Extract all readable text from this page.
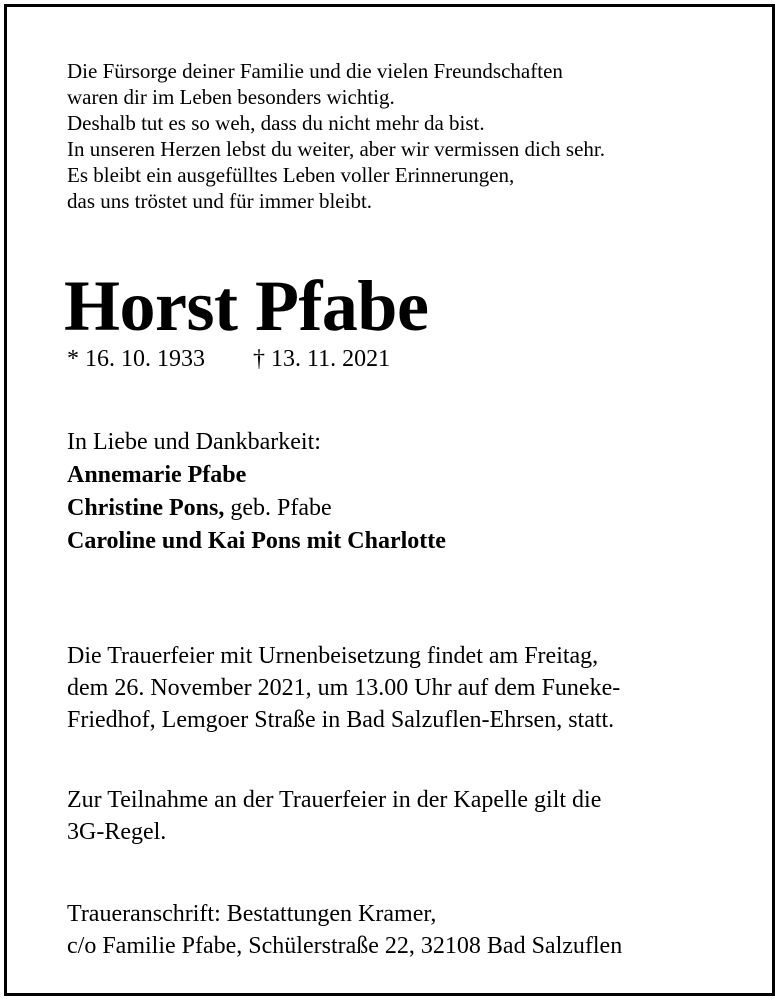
Die Fürsorge deiner Familie und die vielen Freundschaften
waren dir im Leben besonders wichtig.
Deshalb tut es so weh, dass du nicht mehr da bist.
In unseren Herzen lebst du weiter, aber wir vermissen dich sehr.
Es bleibt ein ausgefülltes Leben voller Erinnerungen,
das uns tröstet und für immer bleibt.
Horst Pfabe
* 16. 10. 1933 † 13. 11. 2021
In Liebe und Dankbarkeit:
Annemarie Pfabe
Christine Pons, geb. Pfabe
Caroline und Kai Pons mit Charlotte
Die Trauerfeier mit Urnenbeisetzung findet am Freitag,
dem 26. November 2021, um 13.00 Uhr auf dem Funeke-
Friedhof, Lemgoer Straße in Bad Salzuflen-Ehrsen, statt.
Zur Teilnahme an der Trauerfeier in der Kapelle gilt die
3G-Regel.
Traueranschrift: Bestattungen Kramer,
c/o Familie Pfabe, Schülerstraße 22, 32108 Bad Salzuflen
